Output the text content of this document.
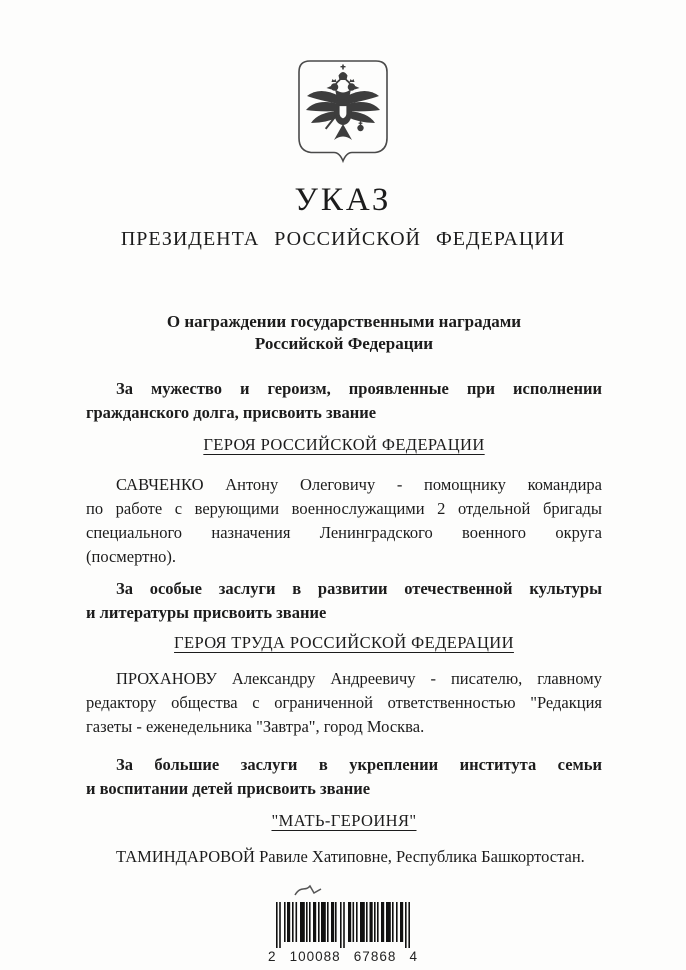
УКАЗ
ПРЕЗИДЕНТА РОССИЙСКОЙ ФЕДЕРАЦИИ
О награждении государственными наградами
Российской Федерации
За мужество и героизм, проявленные при исполнении
гражданского долга, присвоить звание
ГЕРОЯ РОССИЙСКОЙ ФЕДЕРАЦИИ
САВЧЕНКО Антону Олеговичу - помощнику командира
по работе с верующими военнослужащими 2 отдельной бригады
специального назначения Ленинградского военного округа
(посмертно).
За особые заслуги в развитии отечественной культуры
и литературы присвоить звание
ГЕРОЯ ТРУДА РОССИЙСКОЙ ФЕДЕРАЦИИ
ПРОХАНОВУ Александру Андреевичу - писателю, главному
редактору общества с ограниченной ответственностью "Редакция
газеты - еженедельника "Завтра", город Москва.
За большие заслуги в укреплении института семьи
и воспитании детей присвоить звание
"МАТЬ-ГЕРОИНЯ"
ТАМИНДАРОВОЙ Равиле Хатиповне, Республика Башкортостан.
2 100088 67868 4
